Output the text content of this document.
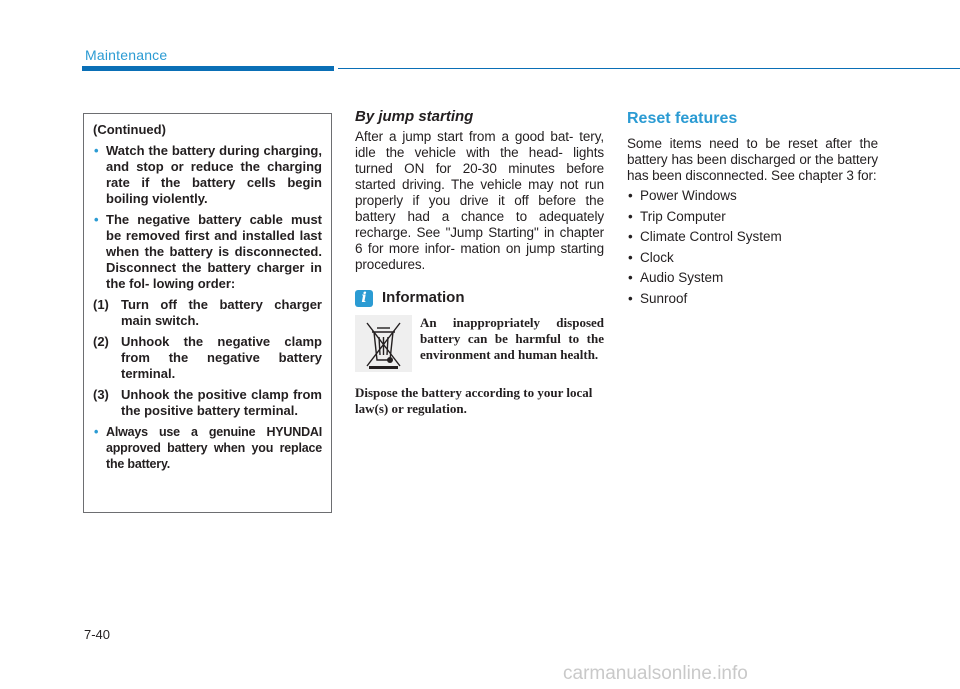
Maintenance

(Continued)

• Watch the battery during charging, and stop or reduce the charging rate if the battery cells begin boiling violently.

• The negative battery cable must be removed first and installed last when the battery is disconnected. Disconnect the battery charger in the fol- lowing order:

(1) Turn off the battery charger main switch.

(2) Unhook the negative clamp from the negative battery terminal.

(3) Unhook the positive clamp from the positive battery terminal.

• Always use a genuine HYUNDAI approved battery when you replace the battery.

By jump starting

After a jump start from a good bat- tery, idle the vehicle with the head- lights turned ON for 20-30 minutes before started driving. The vehicle may not run properly if you drive it off before the battery had a chance to adequately recharge. See "Jump Starting" in chapter 6 for more infor- mation on jump starting procedures.

i	Information
An inappropriately disposed battery can be harmful to the environment and human health.

Dispose the battery according to your local law(s) or regulation.

Reset features

Some items need to be reset after the battery has been discharged or the battery has been disconnected. See chapter 3 for:

• Power Windows
• Trip Computer
• Climate Control System
• Clock
• Audio System
• Sunroof
7-40
carmanualsonline.info
